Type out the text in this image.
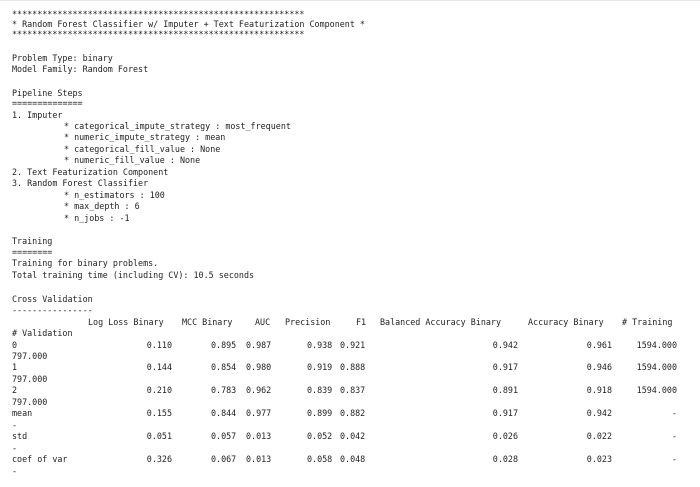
**********************************************************
* Random Forest Classifier w/ Imputer + Text Featurization Component *
**********************************************************
Problem Type: binary
Model Family: Random Forest
Pipeline Steps
==============
1. Imputer
* categorical_impute_strategy : most_frequent
* numeric_impute_strategy : mean
* categorical_fill_value : None
* numeric_fill_value : None
2. Text Featurization Component
3. Random Forest Classifier
* n_estimators : 100
* max_depth : 6
* n_jobs : -1
Training
========
Training for binary problems.
Total training time (including CV): 10.5 seconds
Cross Validation
----------------
Log Loss Binary MCC Binary	AUC Precision	F1 Balanced Accuracy Binary	Accuracy Binary # Training
# Validation
0	0.110	0.895 0.987	0.938 0.921	0.942	0.961	1594.000
797.000
1	0.144	0.854 0.980	0.919 0.888	0.917	0.946	1594.000
797.000
2	0.210	0.783 0.962	0.839 0.837	0.891	0.918	1594.000
797.000
mean	0.155	0.844 0.977	0.899 0.882	0.917	0.942	-
-
std	0.051	0.057 0.013	0.052 0.042	0.026	0.022	-
-
coef of var	0.326	0.067 0.013	0.058 0.048	0.028	0.023	-
-
